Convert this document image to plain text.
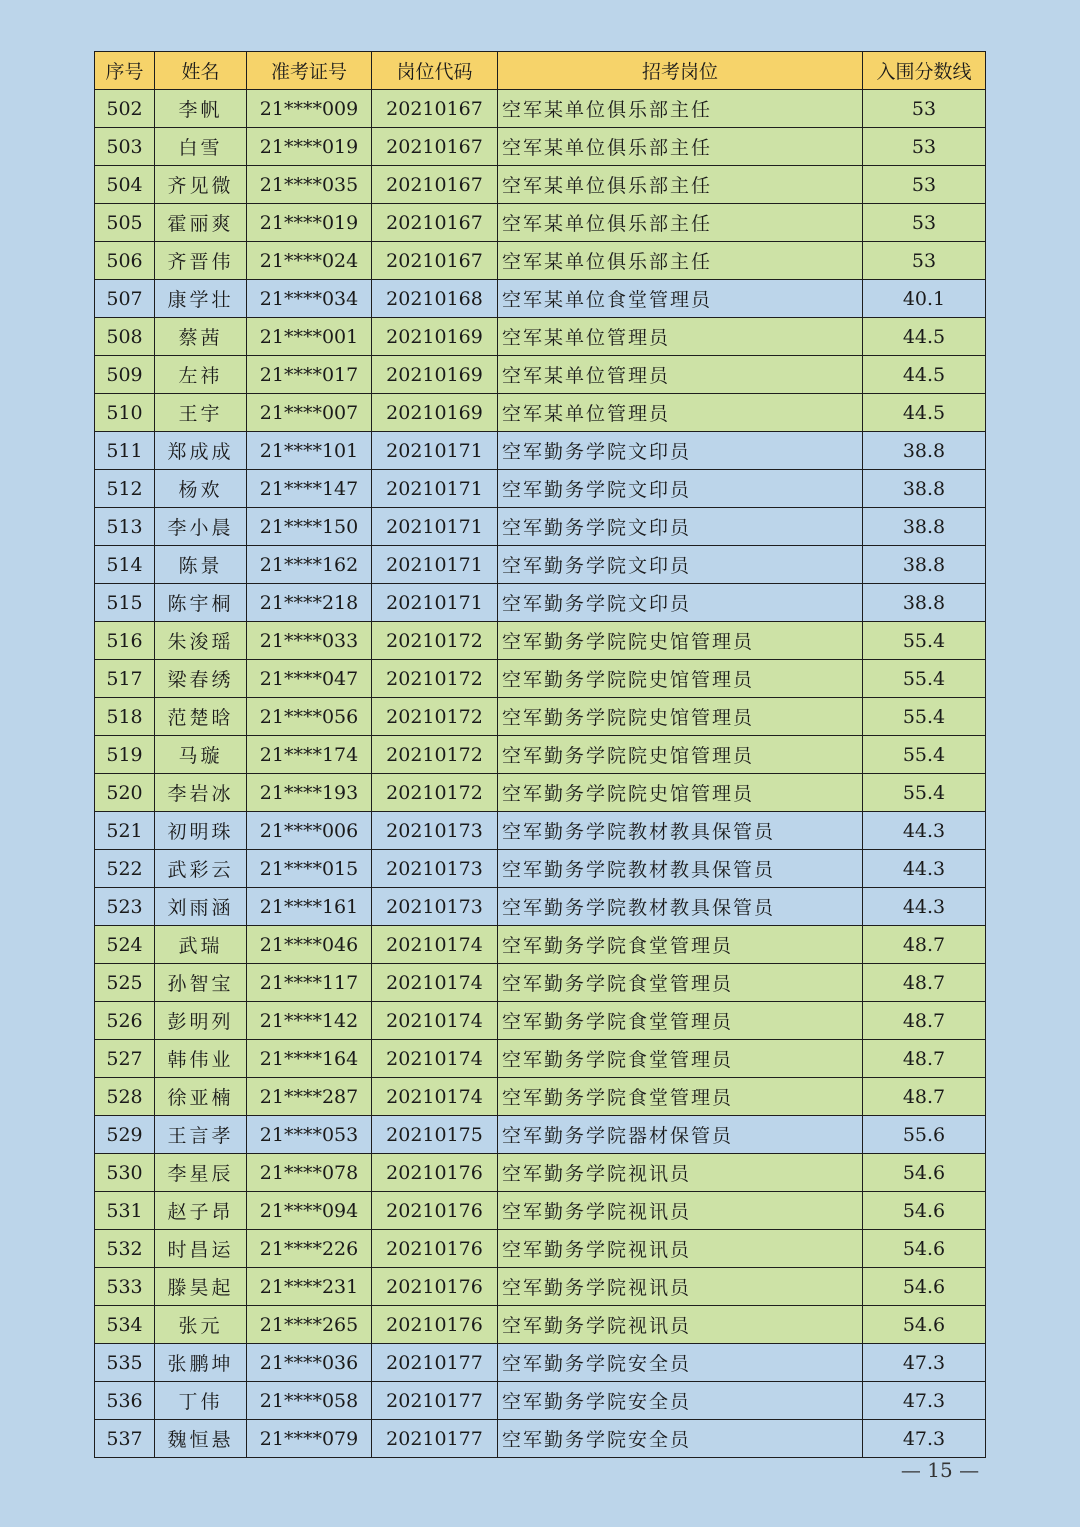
序号	姓名	准考证号	岗位代码	招考岗位	入围分数线
502	李帆	21****009	20210167	空军某单位俱乐部主任	53
503	白雪	21****019	20210167	空军某单位俱乐部主任	53
504	齐见微	21****035	20210167	空军某单位俱乐部主任	53
505	霍丽爽	21****019	20210167	空军某单位俱乐部主任	53
506	齐晋伟	21****024	20210167	空军某单位俱乐部主任	53
507	康学壮	21****034	20210168	空军某单位食堂管理员	40.1
508	蔡茜	21****001	20210169	空军某单位管理员	44.5
509	左祎	21****017	20210169	空军某单位管理员	44.5
510	王宇	21****007	20210169	空军某单位管理员	44.5
511	郑成成	21****101	20210171	空军勤务学院文印员	38.8
512	杨欢	21****147	20210171	空军勤务学院文印员	38.8
513	李小晨	21****150	20210171	空军勤务学院文印员	38.8
514	陈景	21****162	20210171	空军勤务学院文印员	38.8
515	陈宇桐	21****218	20210171	空军勤务学院文印员	38.8
516	朱浚瑶	21****033	20210172	空军勤务学院院史馆管理员	55.4
517	梁春绣	21****047	20210172	空军勤务学院院史馆管理员	55.4
518	范楚晗	21****056	20210172	空军勤务学院院史馆管理员	55.4
519	马璇	21****174	20210172	空军勤务学院院史馆管理员	55.4
520	李岩冰	21****193	20210172	空军勤务学院院史馆管理员	55.4
521	初明珠	21****006	20210173	空军勤务学院教材教具保管员	44.3
522	武彩云	21****015	20210173	空军勤务学院教材教具保管员	44.3
523	刘雨涵	21****161	20210173	空军勤务学院教材教具保管员	44.3
524	武瑞	21****046	20210174	空军勤务学院食堂管理员	48.7
525	孙智宝	21****117	20210174	空军勤务学院食堂管理员	48.7
526	彭明列	21****142	20210174	空军勤务学院食堂管理员	48.7
527	韩伟业	21****164	20210174	空军勤务学院食堂管理员	48.7
528	徐亚楠	21****287	20210174	空军勤务学院食堂管理员	48.7
529	王言孝	21****053	20210175	空军勤务学院器材保管员	55.6
530	李星辰	21****078	20210176	空军勤务学院视讯员	54.6
531	赵子昂	21****094	20210176	空军勤务学院视讯员	54.6
532	时昌运	21****226	20210176	空军勤务学院视讯员	54.6
533	滕昊起	21****231	20210176	空军勤务学院视讯员	54.6
534	张元	21****265	20210176	空军勤务学院视讯员	54.6
535	张鹏坤	21****036	20210177	空军勤务学院安全员	47.3
536	丁伟	21****058	20210177	空军勤务学院安全员	47.3
537	魏恒悬	21****079	20210177	空军勤务学院安全员	47.3
— 15 —
